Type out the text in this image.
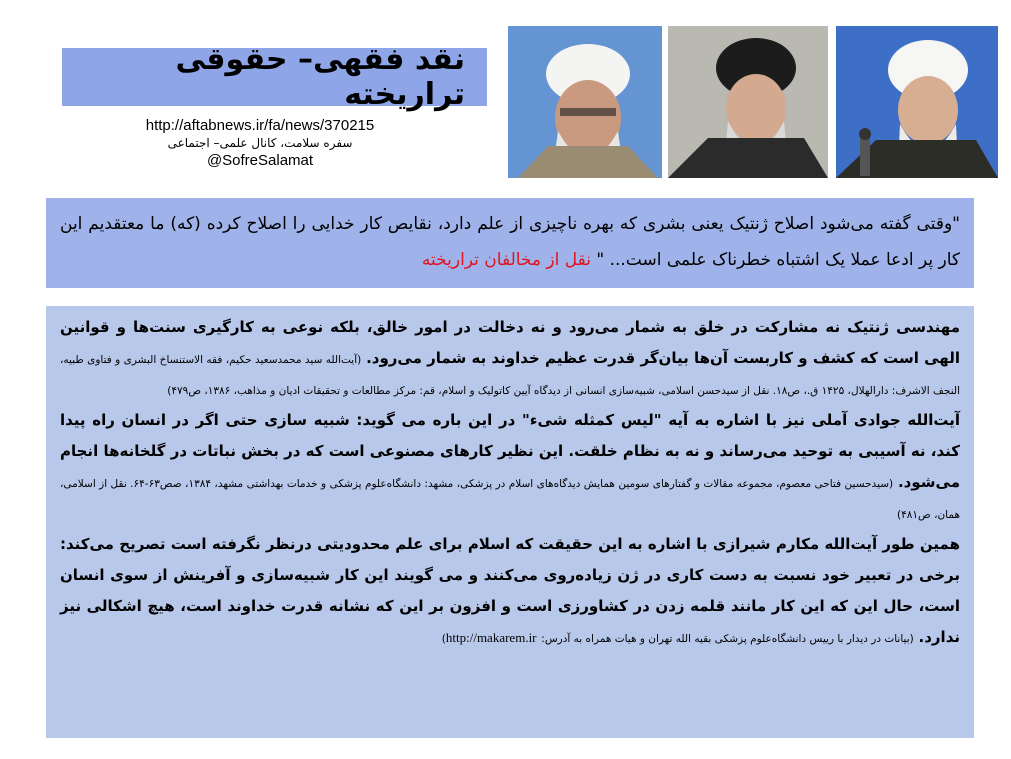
نقد فقهی– حقوقی تراریخته
http://aftabnews.ir/fa/news/370215
سفره سلامت، کانال علمی– اجتماعی
@SofreSalamat
"وقتی گفته می‌شود اصلاح ژنتیک یعنی بشری که بهره ناچیزی از علم دارد، نقایص کار خدایی را اصلاح کرده (که) ما معتقدیم این کار پر ادعا عملا یک اشتباه خطرناک علمی است... " نقل از مخالفان تراریخته

مهندسی ژنتیک نه مشارکت در خلق به شمار می‌رود و نه دخالت در امور خالق، بلکه نوعی به کارگیری سنت‌ها و قوانین الهی است که کشف و کاربست آن‌ها بیان‌گر قدرت عظیم خداوند به شمار می‌رود. (آیت‌الله سید محمدسعید حکیم، فقه الاستنساخ البشری و فتاوی طبیه، النجف الاشرف: دارالهلال، ۱۴۲۵ ق.، ص۱۸. نقل از سیدحسن اسلامی، شبیه‌سازی انسانی از دیدگاه آیین کاتولیک و اسلام، قم: مرکز مطالعات و تحقیقات ادیان و مذاهب، ۱۳۸۶، ص۴۷۹)

آیت‌الله جوادی آملی نیز با اشاره به آیه "لیس کمثله شیء" در این باره می گوید: شبیه سازی حتی اگر در انسان راه پیدا کند، نه آسیبی به توحید می‌رساند و نه به نظام خلقت. این نظیر کارهای مصنوعی است که در بخش نباتات در گلخانه‌ها انجام می‌شود. (سیدحسین فتاحی معصوم، مجموعه مقالات و گفتارهای سومین همایش دیدگاه‌های اسلام در پزشکی، مشهد: دانشگاه‌علوم پزشکی و خدمات بهداشتی مشهد، ۱۳۸۴، صص۶۳-۶۴. نقل از اسلامی، همان، ص۴۸۱)

همین طور آیت‌الله مکارم شیرازی با اشاره به این حقیقت که اسلام برای علم محدودیتی درنظر نگرفته است تصریح می‌کند: برخی در تعبیر خود نسبت به دست کاری در ژن زیاده‌روی می‌کنند و می گویند این کار شبیه‌سازی و آفرینش از سوی انسان است، حال این که این کار مانند قلمه زدن در کشاورزی است و افزون بر این که نشانه قدرت خداوند است، هیچ اشکالی نیز ندارد. (بیانات در دیدار با رییس دانشگاه‌علوم پزشکی بقیه الله تهران و هیات همراه به آدرس: http://makarem.ir)
